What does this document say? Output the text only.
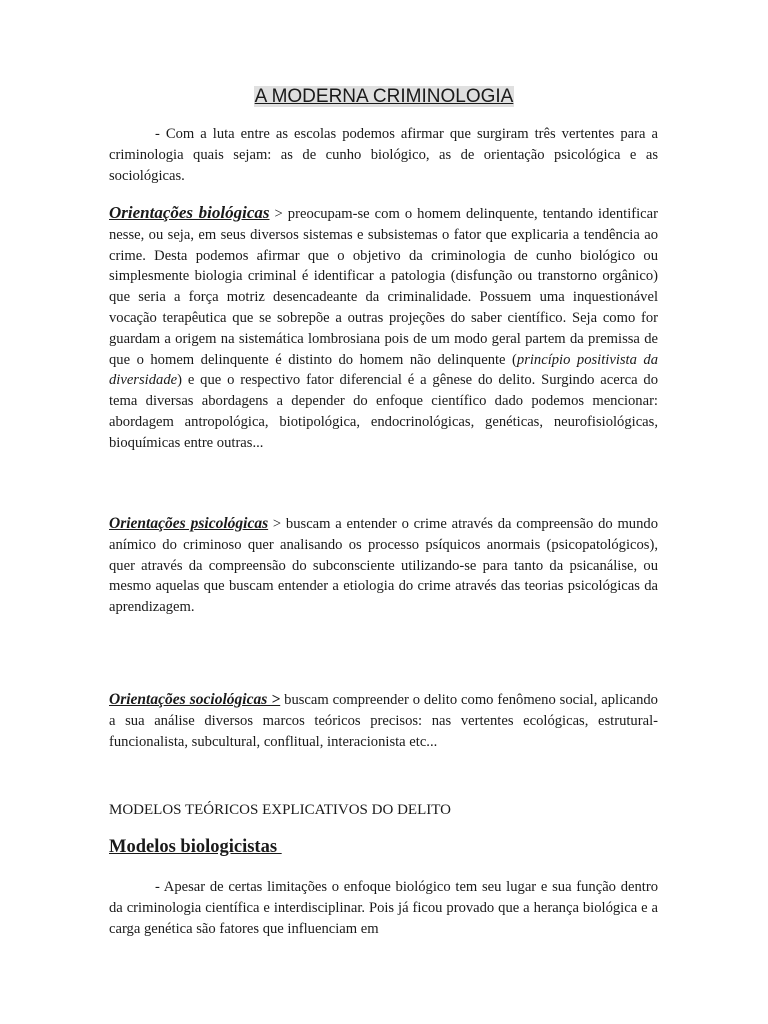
A MODERNA CRIMINOLOGIA

- Com a luta entre as escolas podemos afirmar que surgiram três vertentes para a criminologia quais sejam: as de cunho biológico, as de orientação psicológica e as sociológicas.

Orientações biológicas > preocupam-se com o homem delinquente, tentando identificar nesse, ou seja, em seus diversos sistemas e subsistemas o fator que explicaria a tendência ao crime. Desta podemos afirmar que o objetivo da criminologia de cunho biológico ou simplesmente biologia criminal é identificar a patologia (disfunção ou transtorno orgânico) que seria a força motriz desencadeante da criminalidade. Possuem uma inquestionável vocação terapêutica que se sobrepõe a outras projeções do saber científico. Seja como for guardam a origem na sistemática lombrosiana pois de um modo geral partem da premissa de que o homem delinquente é distinto do homem não delinquente (princípio positivista da diversidade) e que o respectivo fator diferencial é a gênese do delito. Surgindo acerca do tema diversas abordagens a depender do enfoque científico dado podemos mencionar: abordagem antropológica, biotipológica, endocrinológicas, genéticas, neurofisiológicas, bioquímicas entre outras...

Orientações psicológicas > buscam a entender o crime através da compreensão do mundo anímico do criminoso quer analisando os processo psíquicos anormais (psicopatológicos), quer através da compreensão do subconsciente utilizando-se para tanto da psicanálise, ou mesmo aquelas que buscam entender a etiologia do crime através das teorias psicológicas da aprendizagem.

Orientações sociológicas > buscam compreender o delito como fenômeno social, aplicando a sua análise diversos marcos teóricos precisos: nas vertentes ecológicas, estrutural-funcionalista, subcultural, conflitual, interacionista etc...

MODELOS TEÓRICOS EXPLICATIVOS DO DELITO
Modelos biologicistas

- Apesar de certas limitações o enfoque biológico tem seu lugar e sua função dentro da criminologia científica e interdisciplinar. Pois já ficou provado que a herança biológica e a carga genética são fatores que influenciam em
